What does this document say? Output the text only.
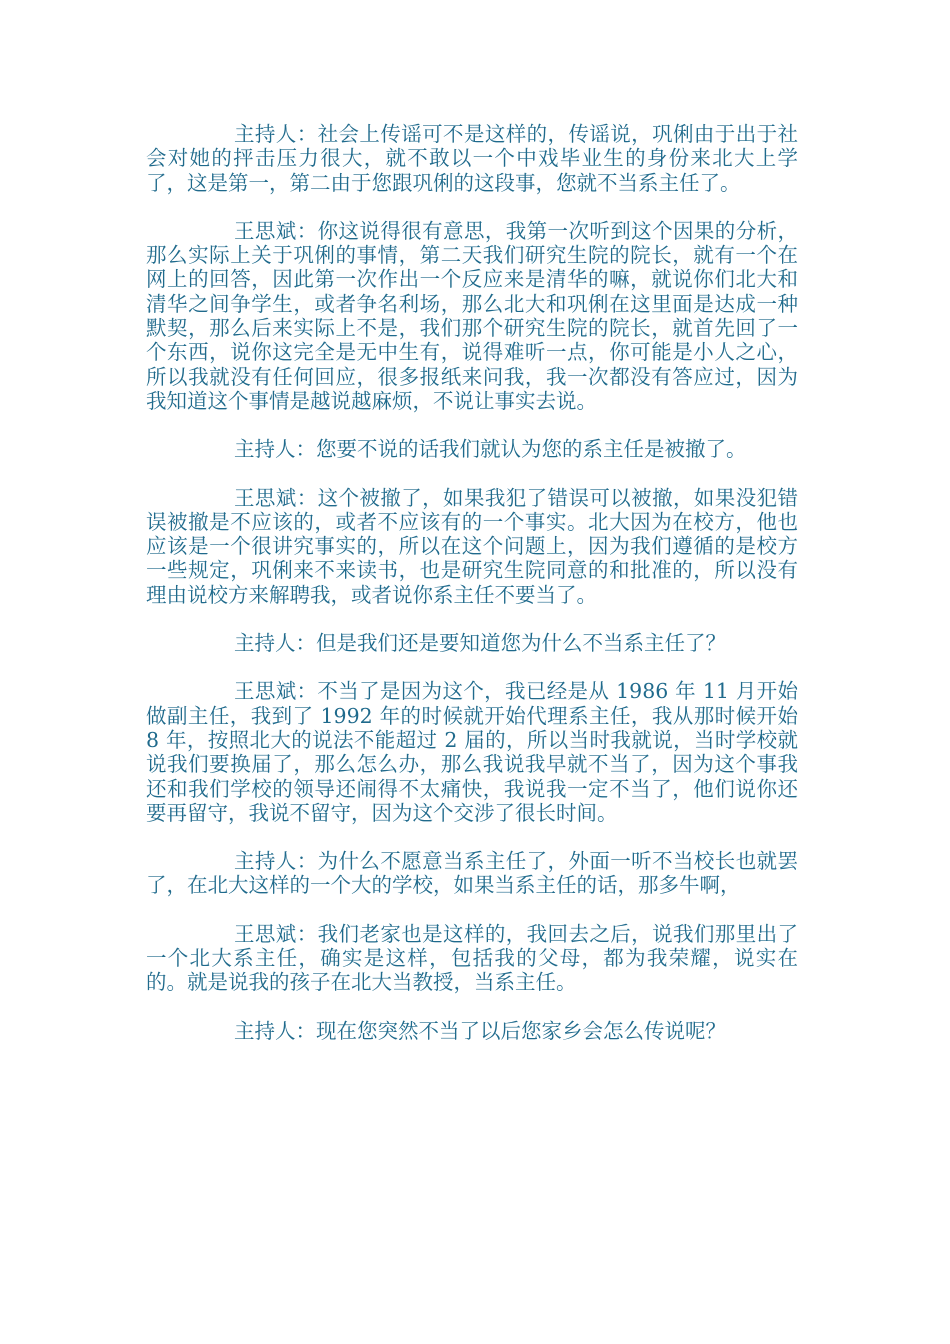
主持人：社会上传谣可不是这样的，传谣说，巩俐由于出于社会对她的抨击压力很大，就不敢以一个中戏毕业生的身份来北大上学了，这是第一，第二由于您跟巩俐的这段事，您就不当系主任了。

王思斌：你这说得很有意思，我第一次听到这个因果的分析，那么实际上关于巩俐的事情，第二天我们研究生院的院长，就有一个在网上的回答，因此第一次作出一个反应来是清华的嘛，就说你们北大和清华之间争学生，或者争名利场，那么北大和巩俐在这里面是达成一种默契，那么后来实际上不是，我们那个研究生院的院长，就首先回了一个东西，说你这完全是无中生有，说得难听一点，你可能是小人之心，所以我就没有任何回应，很多报纸来问我，我一次都没有答应过，因为我知道这个事情是越说越麻烦，不说让事实去说。

主持人：您要不说的话我们就认为您的系主任是被撤了。

王思斌：这个被撤了，如果我犯了错误可以被撤，如果没犯错误被撤是不应该的，或者不应该有的一个事实。北大因为在校方，他也应该是一个很讲究事实的，所以在这个问题上，因为我们遵循的是校方一些规定，巩俐来不来读书，也是研究生院同意的和批准的，所以没有理由说校方来解聘我，或者说你系主任不要当了。

主持人：但是我们还是要知道您为什么不当系主任了？

王思斌：不当了是因为这个，我已经是从 1986 年 11 月开始做副主任，我到了 1992 年的时候就开始代理系主任，我从那时候开始 8 年，按照北大的说法不能超过 2 届的，所以当时我就说，当时学校就说我们要换届了，那么怎么办，那么我说我早就不当了，因为这个事我还和我们学校的领导还闹得不太痛快，我说我一定不当了，他们说你还要再留守，我说不留守，因为这个交涉了很长时间。

主持人：为什么不愿意当系主任了，外面一听不当校长也就罢了，在北大这样的一个大的学校，如果当系主任的话，那多牛啊，

王思斌：我们老家也是这样的，我回去之后，说我们那里出了一个北大系主任，确实是这样，包括我的父母，都为我荣耀，说实在的。就是说我的孩子在北大当教授，当系主任。

主持人：现在您突然不当了以后您家乡会怎么传说呢？
